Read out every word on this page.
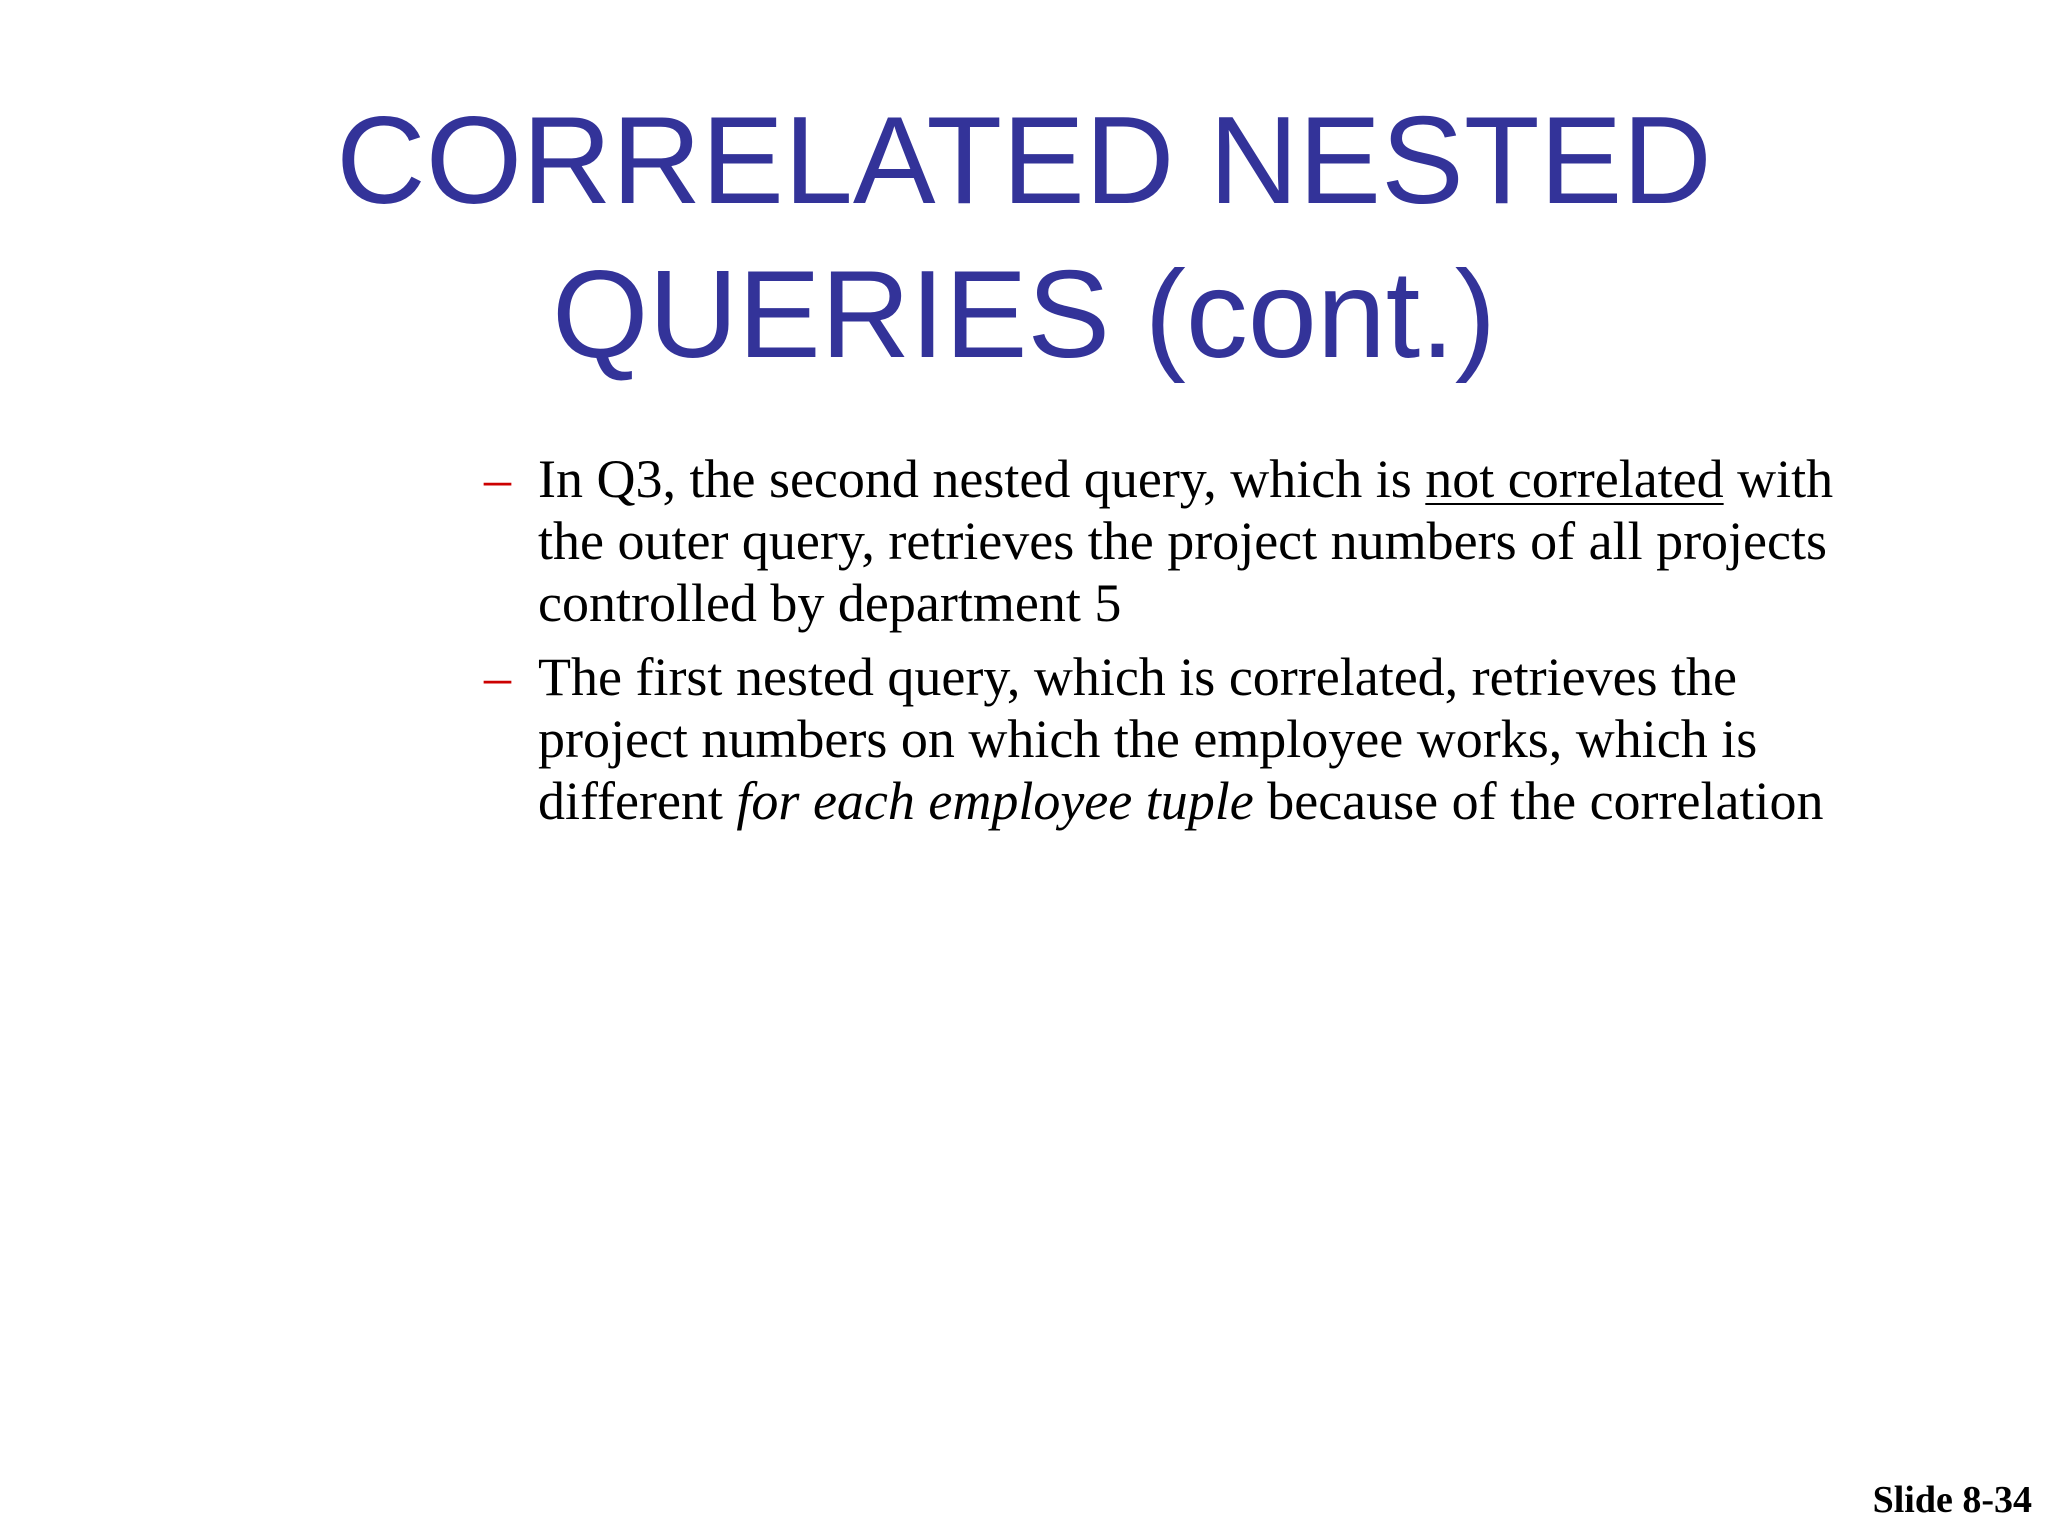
CORRELATED NESTED
QUERIES (cont.)
– In Q3, the second nested query, which is not correlated with the outer query, retrieves the project numbers of all projects controlled by department 5
– The first nested query, which is correlated, retrieves the project numbers on which the employee works, which is different for each employee tuple because of the correlation
Slide 8-34
